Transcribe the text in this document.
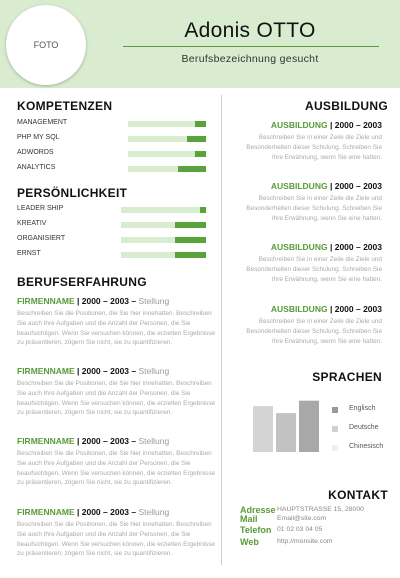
FOTO
Adonis OTTO
Berufsbezeichnung gesucht
KOMPETENZEN
MANAGEMENT
PHP MY SQL
ADWORDS
ANALYTICS
PERSÖNLICHKEIT
LEADER SHIP
KREATIV
ORGANISIERT
ERNST
BERUFSERFAHRUNG
FIRMENNAME | 2000 – 2003 – Stellung
Beschreiben Sie die Positionen, die Sie hier innehatten. Beschreiben Sie auch Ihre Aufgaben und die Anzahl der Personen, die Sie beaufsichtigen. Wenn Sie versuchen können, die erzielten Ergebnisse zu präsentieren, zögern Sie nicht, sie zu quantifizieren.
FIRMENNAME | 2000 – 2003 – Stellung
Beschreiben Sie die Positionen, die Sie hier innehatten. Beschreiben Sie auch Ihre Aufgaben und die Anzahl der Personen, die Sie beaufsichtigen. Wenn Sie versuchen können, die erzielten Ergebnisse zu präsentieren, zögern Sie nicht, sie zu quantifizieren.
FIRMENNAME | 2000 – 2003 – Stellung
Beschreiben Sie die Positionen, die Sie hier innehatten. Beschreiben Sie auch Ihre Aufgaben und die Anzahl der Personen, die Sie beaufsichtigen. Wenn Sie versuchen können, die erzielten Ergebnisse zu präsentieren, zögern Sie nicht, sie zu quantifizieren.
FIRMENNAME | 2000 – 2003 – Stellung
Beschreiben Sie die Positionen, die Sie hier innehatten. Beschreiben Sie auch Ihre Aufgaben und die Anzahl der Personen, die Sie beaufsichtigen. Wenn Sie versuchen können, die erzielten Ergebnisse zu präsentieren, zögern Sie nicht, sie zu quantifizieren.
AUSBILDUNG
AUSBILDUNG | 2000 – 2003
Beschreiben Sie in einer Zeile die Ziele und Besonderheiten dieser Schulung. Schreiben Sie Ihre Erwähnung, wenn Sie eine hatten.
AUSBILDUNG | 2000 – 2003
Beschreiben Sie in einer Zeile die Ziele und Besonderheiten dieser Schulung. Schreiben Sie Ihre Erwähnung, wenn Sie eine hatten.
AUSBILDUNG | 2000 – 2003
Beschreiben Sie in einer Zeile die Ziele und Besonderheiten dieser Schulung. Schreiben Sie Ihre Erwähnung, wenn Sie eine hatten.
AUSBILDUNG | 2000 – 2003
Beschreiben Sie in einer Zeile die Ziele und Besonderheiten dieser Schulung. Schreiben Sie Ihre Erwähnung, wenn Sie eine hatten.
SPRACHEN
Englisch
Deutsche
Chinesisch
KONTAKT
Adresse HAUPTSTRASSE 15, 28000
Mail	Email@site.com
Telefon 01 02 03 04 05
Web	http://monsite.com
